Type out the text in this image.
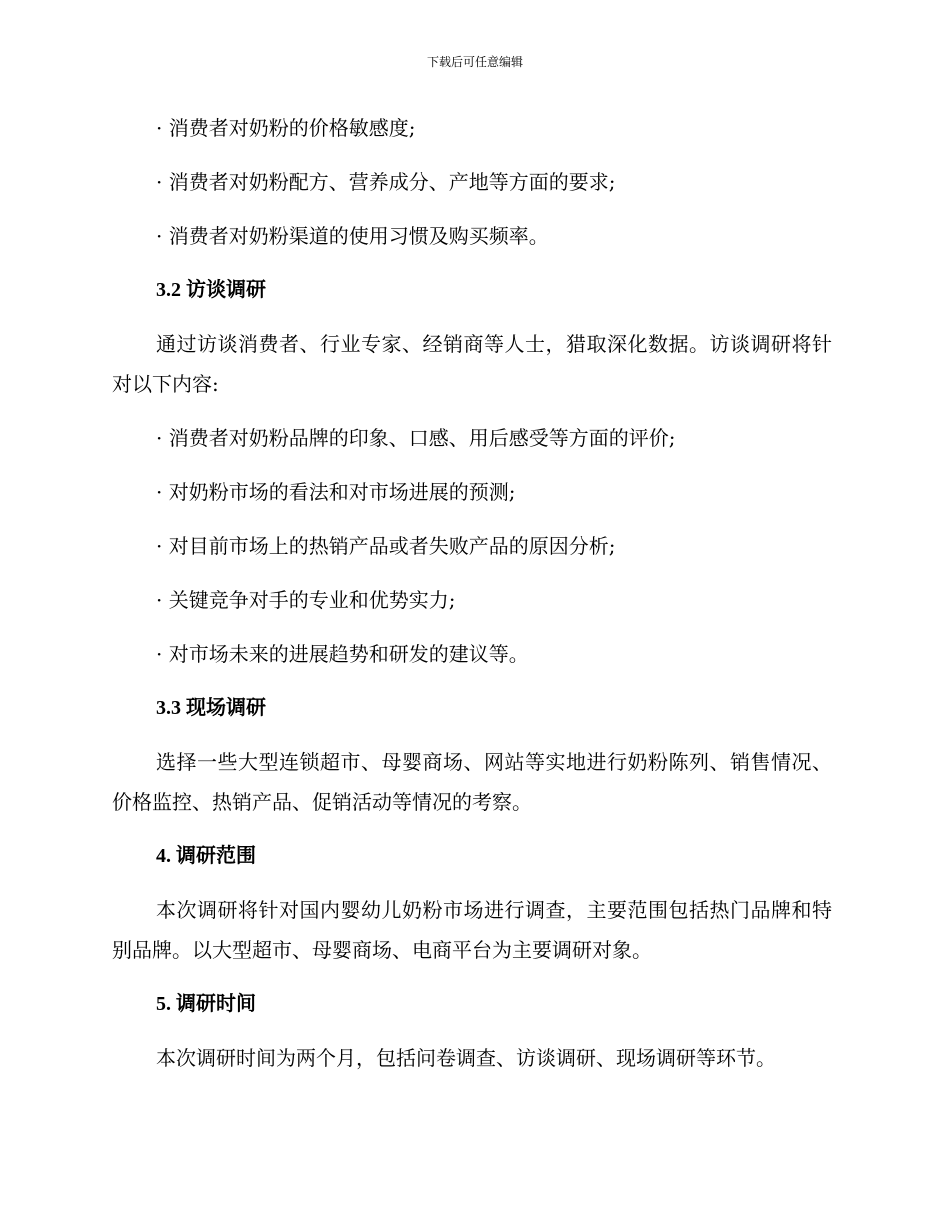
下载后可任意编辑
· 消费者对奶粉的价格敏感度;
· 消费者对奶粉配方、营养成分、产地等方面的要求;
· 消费者对奶粉渠道的使用习惯及购买频率。
3.2 访谈调研
通过访谈消费者、行业专家、经销商等人士，猎取深化数据。访谈调研将针对以下内容:
· 消费者对奶粉品牌的印象、口感、用后感受等方面的评价;
· 对奶粉市场的看法和对市场进展的预测;
· 对目前市场上的热销产品或者失败产品的原因分析;
· 关键竞争对手的专业和优势实力;
· 对市场未来的进展趋势和研发的建议等。
3.3 现场调研
选择一些大型连锁超市、母婴商场、网站等实地进行奶粉陈列、销售情况、价格监控、热销产品、促销活动等情况的考察。
4. 调研范围
本次调研将针对国内婴幼儿奶粉市场进行调查，主要范围包括热门品牌和特别品牌。以大型超市、母婴商场、电商平台为主要调研对象。
5. 调研时间
本次调研时间为两个月，包括问卷调查、访谈调研、现场调研等环节。
